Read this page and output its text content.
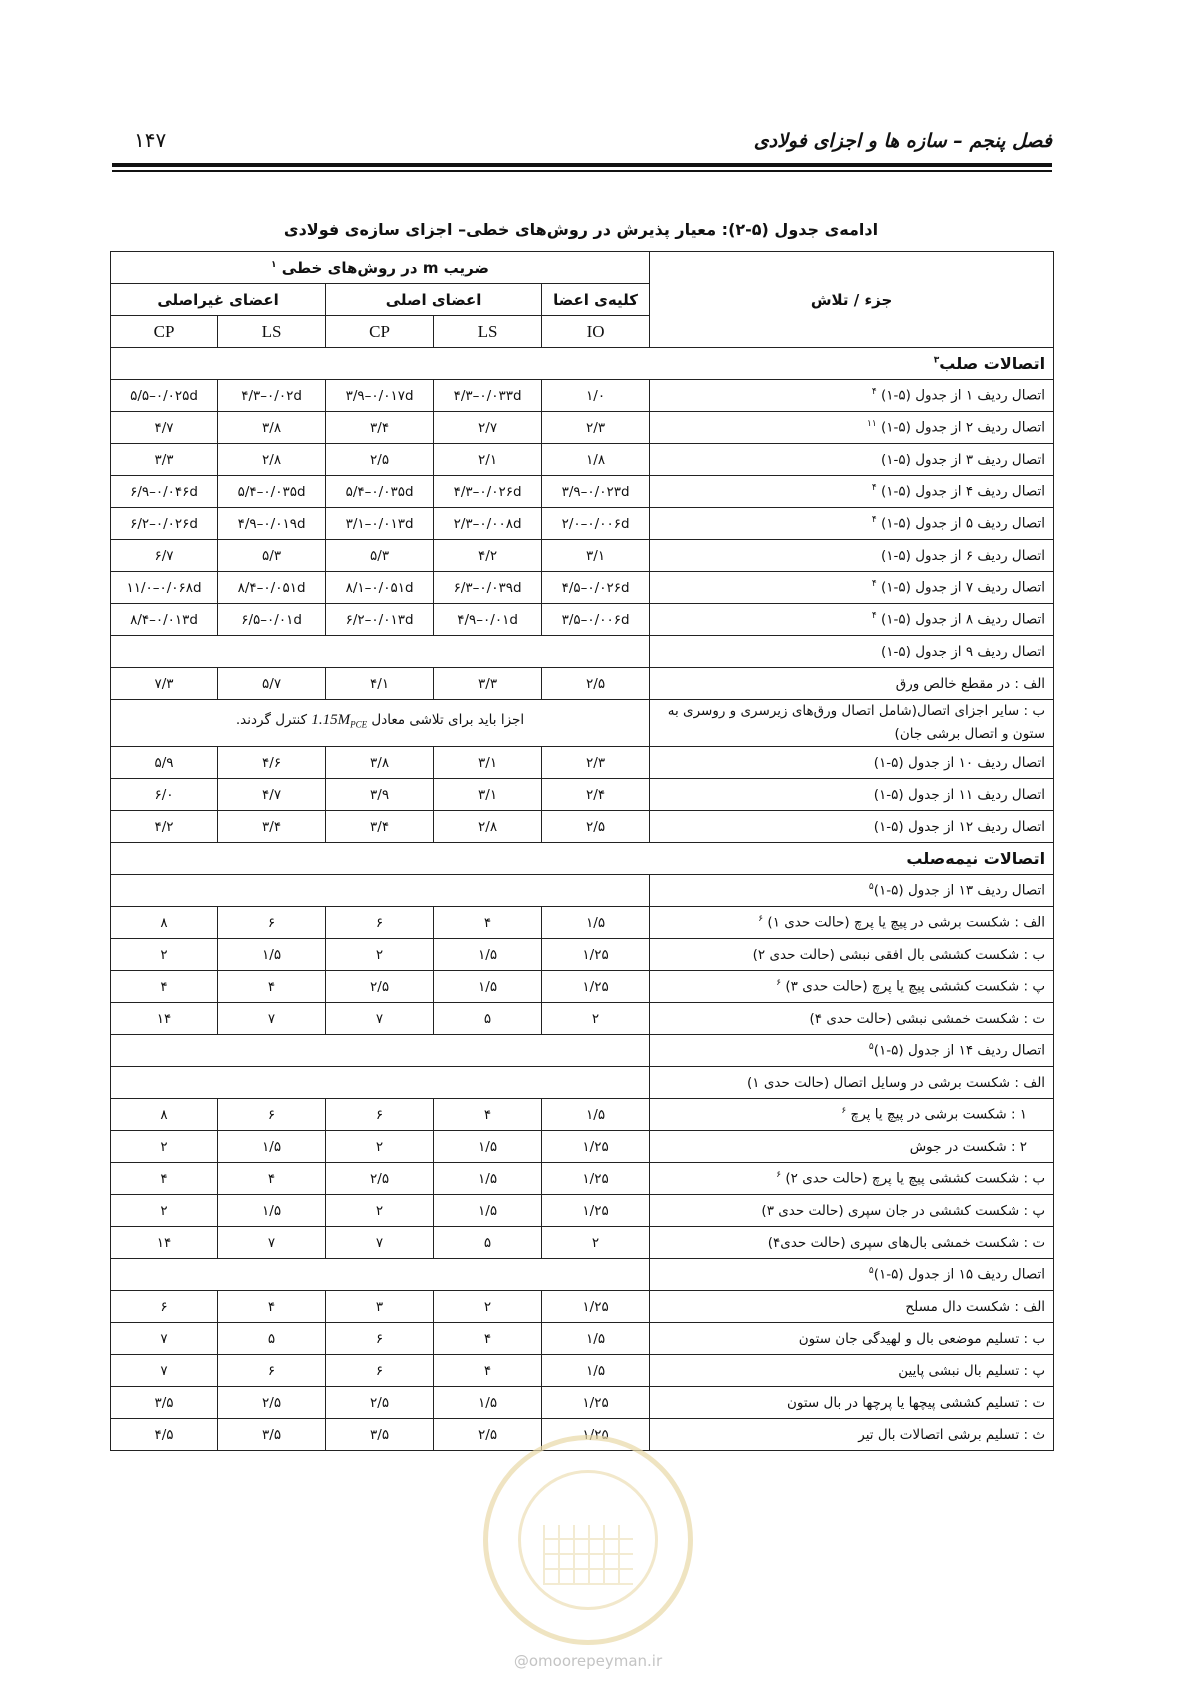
فصل پنجم – سازه ها و اجزای فولادی
۱۴۷
ادامه‌ی جدول (۵-۲): معیار پذیرش در روش‌های خطی– اجزای سازه‌ی فولادی
جزء / تلاش	ضریب m در روش‌های خطی $^۱$
	کلیه‌ی اعضا	اعضای اصلی		اعضای غیراصلی	
	IO	LS	CP	LS	CP
اتصالات صلب$^۳$
اتصال ردیف ۱ از جدول (۵-۱) $^۴$	۱/۰	۴/۳–۰/۰۳۳d	۳/۹–۰/۰۱۷d	۴/۳–۰/۰۲d	۵/۵–۰/۰۲۵d
اتصال ردیف ۲ از جدول (۵-۱) $^{۱۱}$	۲/۳	۲/۷	۳/۴	۳/۸	۴/۷
اتصال ردیف ۳ از جدول (۵-۱)	۱/۸	۲/۱	۲/۵	۲/۸	۳/۳
اتصال ردیف ۴ از جدول (۵-۱) $^۴$	۳/۹–۰/۰۲۳d	۴/۳–۰/۰۲۶d	۵/۴–۰/۰۳۵d	۵/۴–۰/۰۳۵d	۶/۹–۰/۰۴۶d
اتصال ردیف ۵ از جدول (۵-۱) $^۴$	۲/۰–۰/۰۰۶d	۲/۳–۰/۰۰۸d	۳/۱–۰/۰۱۳d	۴/۹–۰/۰۱۹d	۶/۲–۰/۰۲۶d
اتصال ردیف ۶ از جدول (۵-۱)	۳/۱	۴/۲	۵/۳	۵/۳	۶/۷
اتصال ردیف ۷ از جدول (۵-۱) $^۴$	۴/۵–۰/۰۲۶d	۶/۳–۰/۰۳۹d	۸/۱–۰/۰۵۱d	۸/۴–۰/۰۵۱d	۱۱/۰–۰/۰۶۸d
اتصال ردیف ۸ از جدول (۵-۱) $^۴$	۳/۵–۰/۰۰۶d	۴/۹–۰/۰۱d	۶/۲–۰/۰۱۳d	۶/۵–۰/۰۱d	۸/۴–۰/۰۱۳d
اتصال ردیف ۹ از جدول (۵-۱)					
الف : در مقطع خالص ورق	۲/۵	۳/۳	۴/۱	۵/۷	۷/۳
ب : سایر اجزای اتصال(شامل اتصال ورق‌های زیرسری و روسری به ستون و اتصال برشی جان)	اجزا باید برای تلاشی معادل $1.15M_{PCE}$ کنترل گردند.				
اتصال ردیف ۱۰ از جدول (۵-۱)	۲/۳	۳/۱	۳/۸	۴/۶	۵/۹
اتصال ردیف ۱۱ از جدول (۵-۱)	۲/۴	۳/۱	۳/۹	۴/۷	۶/۰
اتصال ردیف ۱۲ از جدول (۵-۱)	۲/۵	۲/۸	۳/۴	۳/۴	۴/۲
اتصالات نیمه‌صلب					
اتصال ردیف ۱۳ از جدول (۵-۱)$^۵$	
الف : شکست برشی در پیچ یا پرچ (حالت حدی ۱) $^۶$	۱/۵	۴	۶	۶	۸
ب : شکست کششی بال افقی نبشی (حالت حدی ۲)	۱/۲۵	۱/۵	۲	۱/۵	۲
پ : شکست کششی پیچ یا پرچ (حالت حدی ۳) $^۶$	۱/۲۵	۱/۵	۲/۵	۴	۴
ت : شکست خمشی نبشی (حالت حدی ۴)	۲	۵	۷	۷	۱۴
اتصال ردیف ۱۴ از جدول (۵-۱)$^۵$	
الف : شکست برشی در وسایل اتصال (حالت حدی ۱)					
۱ : شکست برشی در پیچ یا پرچ $^۶$	۱/۵	۴	۶	۶	۸
۲ : شکست در جوش	۱/۲۵	۱/۵	۲	۱/۵	۲
ب : شکست کششی پیچ یا پرچ (حالت حدی ۲) $^۶$	۱/۲۵	۱/۵	۲/۵	۴	۴
پ : شکست کششی در جان سپری (حالت حدی ۳)	۱/۲۵	۱/۵	۲	۱/۵	۲
ت : شکست خمشی بال‌های سپری (حالت حدی۴)	۲	۵	۷	۷	۱۴
اتصال ردیف ۱۵ از جدول (۵-۱)$^۵$	
الف : شکست دال مسلح	۱/۲۵	۲	۳	۴	۶
ب : تسلیم موضعی بال و لهیدگی جان ستون	۱/۵	۴	۶	۵	۷
پ : تسلیم بال نبشی پایین	۱/۵	۴	۶	۶	۷
ت : تسلیم کششی پیچها یا پرچها در بال ستون	۱/۲۵	۱/۵	۲/۵	۲/۵	۳/۵
ث : تسلیم برشی اتصالات بال تیر	۱/۲۵	۲/۵	۳/۵	۳/۵	۴/۵
@omoorepeyman.ir
